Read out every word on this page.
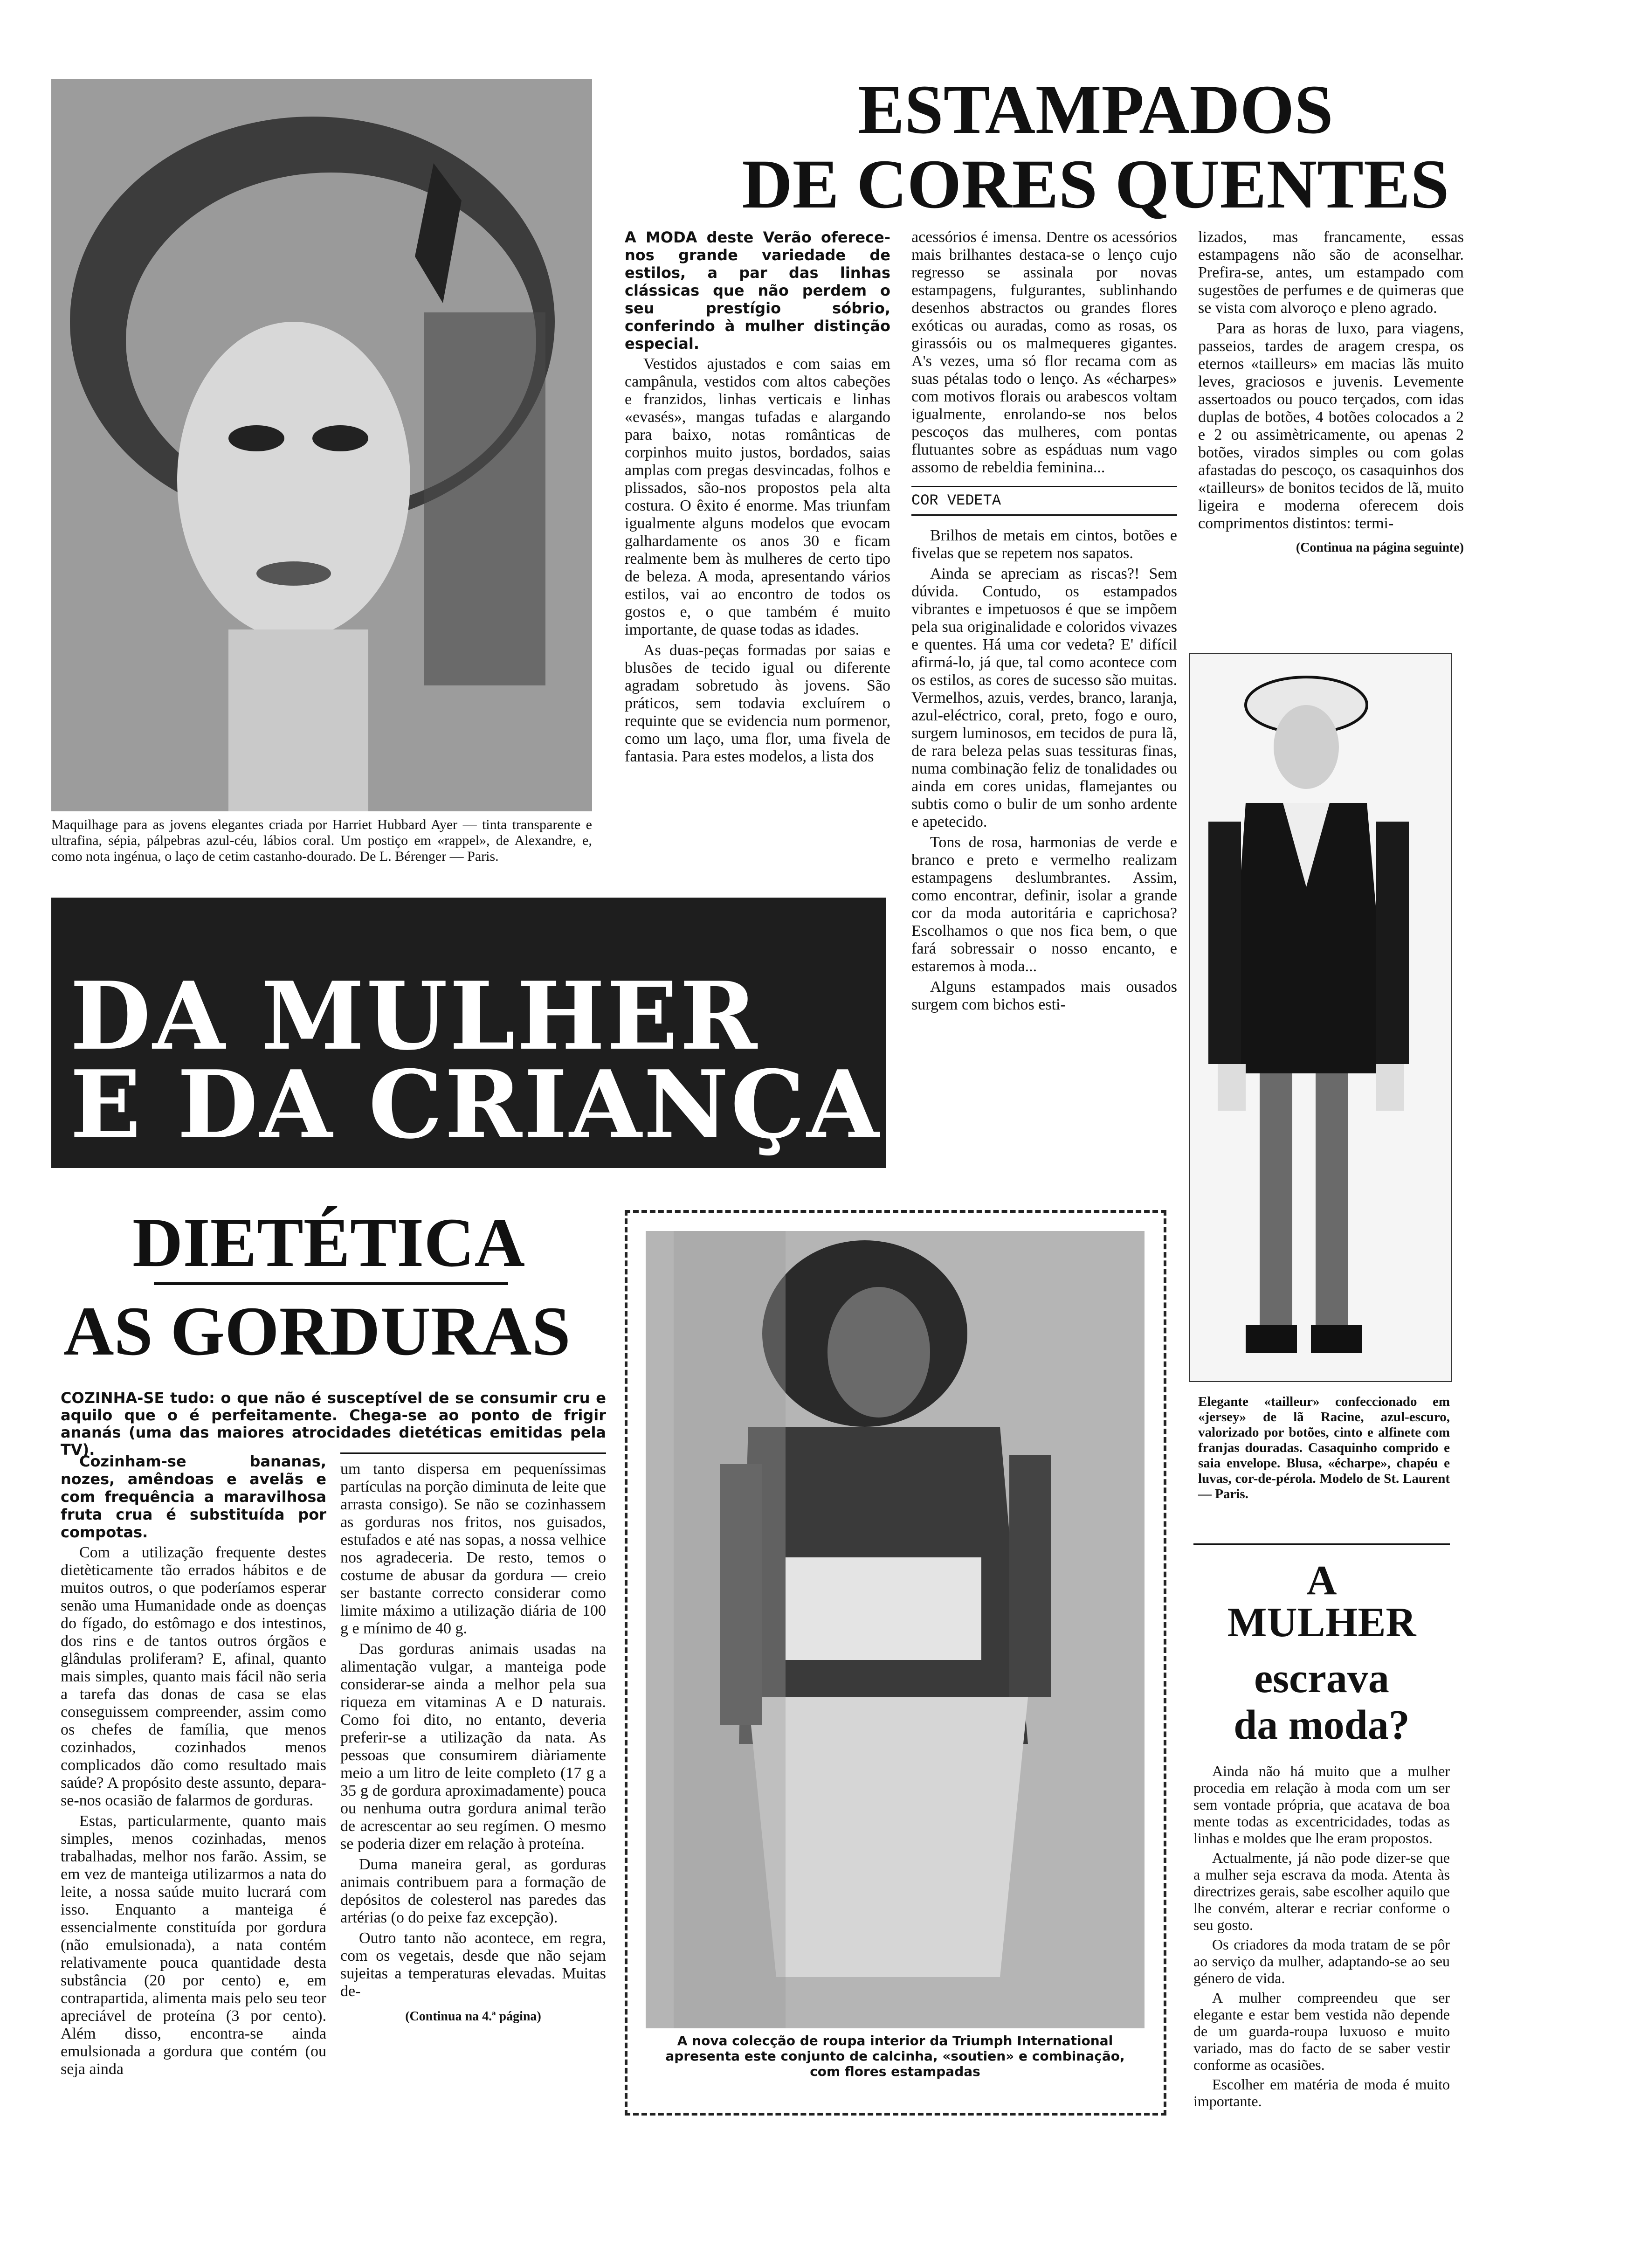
Maquilhage para as jovens elegantes criada por Harriet Hubbard Ayer — tinta transparente e ultrafina, sépia, pálpebras azul-céu, lábios coral. Um postiço em «rappel», de Alexandre, e, como nota ingénua, o laço de cetim castanho-dourado. De L. Bérenger — Paris.
ESTAMPADOS
DE CORES QUENTES

A MODA deste Verão oferece-nos grande variedade de estilos, a par das linhas clássicas que não perdem o seu prestígio sóbrio, conferindo à mulher distinção especial.

Vestidos ajustados e com saias em campânula, vestidos com altos cabeções e franzidos, linhas verticais e linhas «evasés», mangas tufadas e alargando para baixo, notas românticas de corpinhos muito justos, bordados, saias amplas com pregas desvincadas, folhos e plissados, são-nos propostos pela alta costura. O êxito é enorme. Mas triunfam igualmente alguns modelos que evocam galhardamente os anos 30 e ficam realmente bem às mulheres de certo tipo de beleza. A moda, apresentando vários estilos, vai ao encontro de todos os gostos e, o que também é muito importante, de quase todas as idades.

As duas-peças formadas por saias e blusões de tecido igual ou diferente agradam sobretudo às jovens. São práticos, sem todavia excluírem o requinte que se evidencia num pormenor, como um laço, uma flor, uma fivela de fantasia. Para estes modelos, a lista dos

acessórios é imensa. Dentre os acessórios mais brilhantes destaca-se o lenço cujo regresso se assinala por novas estampagens, fulgurantes, sublinhando desenhos abstractos ou grandes flores exóticas ou auradas, como as rosas, os girassóis ou os malmequeres gigantes. A's vezes, uma só flor recama com as suas pétalas todo o lenço. As «écharpes» com motivos florais ou arabescos voltam igualmente, enrolando-se nos belos pescoços das mulheres, com pontas flutuantes sobre as espáduas num vago assomo de rebeldia feminina...

COR VEDETA

Brilhos de metais em cintos, botões e fivelas que se repetem nos sapatos.

Ainda se apreciam as riscas?! Sem dúvida. Contudo, os estampados vibrantes e impetuosos é que se impõem pela sua originalidade e coloridos vivazes e quentes. Há uma cor vedeta? E' difícil afirmá-lo, já que, tal como acontece com os estilos, as cores de sucesso são muitas. Vermelhos, azuis, verdes, branco, laranja, azul-eléctrico, coral, preto, fogo e ouro, surgem luminosos, em tecidos de pura lã, de rara beleza pelas suas tessituras finas, numa combinação feliz de tonalidades ou ainda em cores unidas, flamejantes ou subtis como o bulir de um sonho ardente e apetecido.

Tons de rosa, harmonias de verde e branco e preto e vermelho realizam estampagens deslumbrantes. Assim, como encontrar, definir, isolar a grande cor da moda autoritária e caprichosa? Escolhamos o que nos fica bem, o que fará sobressair o nosso encanto, e estaremos à moda...

Alguns estampados mais ousados surgem com bichos esti-

lizados, mas francamente, essas estampagens não são de aconselhar. Prefira-se, antes, um estampado com sugestões de perfumes e de quimeras que se vista com alvoroço e pleno agrado.

Para as horas de luxo, para viagens, passeios, tardes de aragem crespa, os eternos «tailleurs» em macias lãs muito leves, graciosos e juvenis. Levemente assertoados ou pouco terçados, com idas duplas de botões, 4 botões colocados a 2 e 2 ou assimètricamente, ou apenas 2 botões, virados simples ou com golas afastadas do pescoço, os casaquinhos dos «tailleurs» de bonitos tecidos de lã, muito ligeira e moderna oferecem dois comprimentos distintos: termi-

(Continua na página seguinte)
Elegante «tailleur» confeccionado em «jersey» de lã Racine, azul-escuro, valorizado por botões, cinto e alfinete com franjas douradas. Casaquinho comprido e saia envelope. Blusa, «écharpe», chapéu e luvas, cor-de-pérola. Modelo de St. Laurent — Paris.
DA MULHER
E DA CRIANÇA
DIETÉTICA
AS GORDURAS
COZINHA-SE tudo: o que não é susceptível de se consumir cru e aquilo que o é perfeitamente. Chega-se ao ponto de frigir ananás (uma das maiores atrocidades dietéticas emitidas pela TV).

Cozinham-se bananas, nozes, amêndoas e avelãs e com frequência a maravilhosa fruta crua é substituída por compotas.

Com a utilização frequente destes dietèticamente tão errados hábitos e de muitos outros, o que poderíamos esperar senão uma Humanidade onde as doenças do fígado, do estômago e dos intestinos, dos rins e de tantos outros órgãos e glândulas proliferam? E, afinal, quanto mais simples, quanto mais fácil não seria a tarefa das donas de casa se elas conseguissem compreender, assim como os chefes de família, que menos cozinhados, cozinhados menos complicados dão como resultado mais saúde? A propósito deste assunto, depara-se-nos ocasião de falarmos de gorduras.

Estas, particularmente, quanto mais simples, menos cozinhadas, menos trabalhadas, melhor nos farão. Assim, se em vez de manteiga utilizarmos a nata do leite, a nossa saúde muito lucrará com isso. Enquanto a manteiga é essencialmente constituída por gordura (não emulsionada), a nata contém relativamente pouca quantidade desta substância (20 por cento) e, em contrapartida, alimenta mais pelo seu teor apreciável de proteína (3 por cento). Além disso, encontra-se ainda emulsionada a gordura que contém (ou seja ainda

um tanto dispersa em pequeníssimas partículas na porção diminuta de leite que arrasta consigo). Se não se cozinhassem as gorduras nos fritos, nos guisados, estufados e até nas sopas, a nossa velhice nos agradeceria. De resto, temos o costume de abusar da gordura — creio ser bastante correcto considerar como limite máximo a utilização diária de 100 g e mínimo de 40 g.

Das gorduras animais usadas na alimentação vulgar, a manteiga pode considerar-se ainda a melhor pela sua riqueza em vitaminas A e D naturais. Como foi dito, no entanto, deveria preferir-se a utilização da nata. As pessoas que consumirem diàriamente meio a um litro de leite completo (17 g a 35 g de gordura aproximadamente) pouca ou nenhuma outra gordura animal terão de acrescentar ao seu regímen. O mesmo se poderia dizer em relação à proteína.

Duma maneira geral, as gorduras animais contribuem para a formação de depósitos de colesterol nas paredes das artérias (o do peixe faz excepção).

Outro tanto não acontece, em regra, com os vegetais, desde que não sejam sujeitas a temperaturas elevadas. Muitas de-

(Continua na 4.ª página)
A nova colecção de roupa interior da Triumph International apresenta este conjunto de calcinha, «soutien» e combinação, com flores estampadas
A
MULHER
escrava
da moda?

Ainda não há muito que a mulher procedia em relação à moda com um ser sem vontade própria, que acatava de boa mente todas as excentricidades, todas as linhas e moldes que lhe eram propostos.

Actualmente, já não pode dizer-se que a mulher seja escrava da moda. Atenta às directrizes gerais, sabe escolher aquilo que lhe convém, alterar e recriar conforme o seu gosto.

Os criadores da moda tratam de se pôr ao serviço da mulher, adaptando-se ao seu género de vida.

A mulher compreendeu que ser elegante e estar bem vestida não depende de um guarda-roupa luxuoso e muito variado, mas do facto de se saber vestir conforme as ocasiões.

Escolher em matéria de moda é muito importante.
